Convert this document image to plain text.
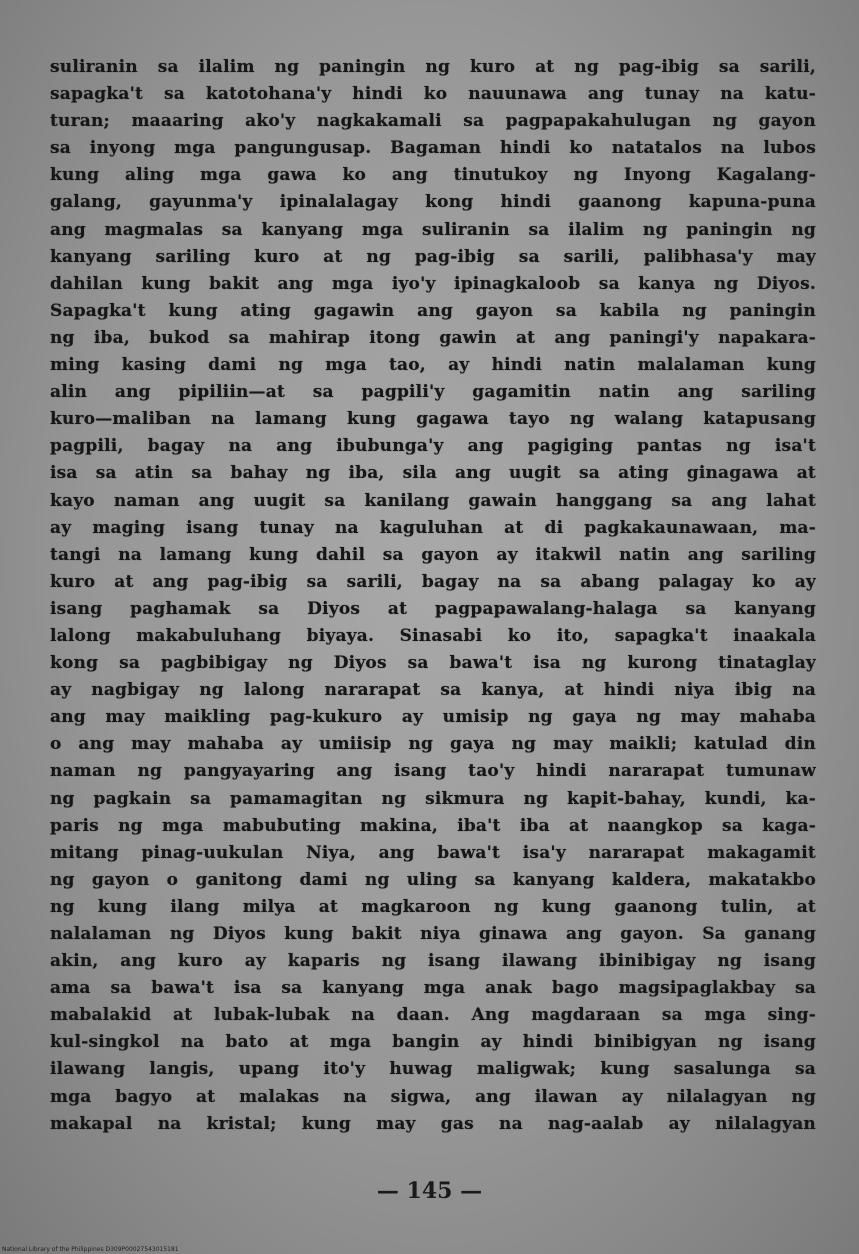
suliranin sa ilalim ng paningin ng kuro at ng pag-ibig sa sarili,
sapagka't sa katotohana'y hindi ko nauunawa ang tunay na katu-
turan; maaaring ako'y nagkakamali sa pagpapakahulugan ng gayon
sa inyong mga pangungusap. Bagaman hindi ko natatalos na lubos
kung aling mga gawa ko ang tinutukoy ng Inyong Kagalang-
galang, gayunma'y ipinalalagay kong hindi gaanong kapuna-puna
ang magmalas sa kanyang mga suliranin sa ilalim ng paningin ng
kanyang sariling kuro at ng pag-ibig sa sarili, palibhasa'y may
dahilan kung bakit ang mga iyo'y ipinagkaloob sa kanya ng Diyos.
Sapagka't kung ating gagawin ang gayon sa kabila ng paningin
ng iba, bukod sa mahirap itong gawin at ang paningi'y napakara-
ming kasing dami ng mga tao, ay hindi natin malalaman kung
alin ang pipiliin—at sa pagpili'y gagamitin natin ang sariling
kuro—maliban na lamang kung gagawa tayo ng walang katapusang
pagpili, bagay na ang ibubunga'y ang pagiging pantas ng isa't
isa sa atin sa bahay ng iba, sila ang uugit sa ating ginagawa at
kayo naman ang uugit sa kanilang gawain hanggang sa ang lahat
ay maging isang tunay na kaguluhan at di pagkakaunawaan, ma-
tangi na lamang kung dahil sa gayon ay itakwil natin ang sariling
kuro at ang pag-ibig sa sarili, bagay na sa abang palagay ko ay
isang paghamak sa Diyos at pagpapawalang-halaga sa kanyang
lalong makabuluhang biyaya. Sinasabi ko ito, sapagka't inaakala
kong sa pagbibigay ng Diyos sa bawa't isa ng kurong tinataglay
ay nagbigay ng lalong nararapat sa kanya, at hindi niya ibig na
ang may maikling pag-kukuro ay umisip ng gaya ng may mahaba
o ang may mahaba ay umiisip ng gaya ng may maikli; katulad din
naman ng pangyayaring ang isang tao'y hindi nararapat tumunaw
ng pagkain sa pamamagitan ng sikmura ng kapit-bahay, kundi, ka-
paris ng mga mabubuting makina, iba't iba at naangkop sa kaga-
mitang pinag-uukulan Niya, ang bawa't isa'y nararapat makagamit
ng gayon o ganitong dami ng uling sa kanyang kaldera, makatakbo
ng kung ilang milya at magkaroon ng kung gaanong tulin, at
nalalaman ng Diyos kung bakit niya ginawa ang gayon. Sa ganang
akin, ang kuro ay kaparis ng isang ilawang ibinibigay ng isang
ama sa bawa't isa sa kanyang mga anak bago magsipaglakbay sa
mabalakid at lubak-lubak na daan. Ang magdaraan sa mga sing-
kul-singkol na bato at mga bangin ay hindi binibigyan ng isang
ilawang langis, upang ito'y huwag maligwak; kung sasalunga sa
mga bagyo at malakas na sigwa, ang ilawan ay nilalagyan ng
makapal na kristal; kung may gas na nag-aalab ay nilalagyan
— 145 —
National Library of the Philippines D309P00027543015181
